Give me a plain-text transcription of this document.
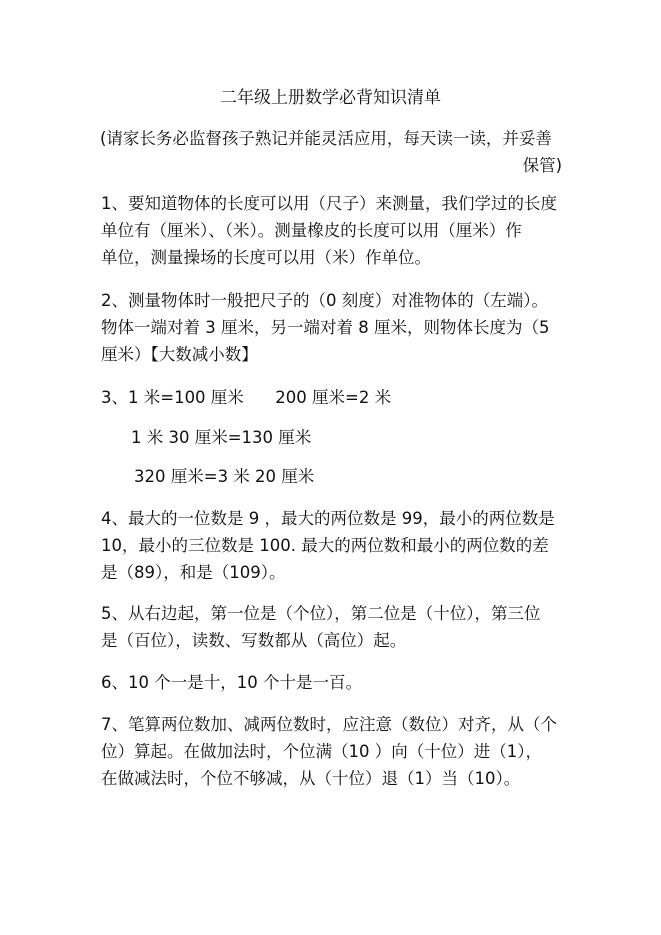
二年级上册数学必背知识清单
(请家长务必监督孩子熟记并能灵活应用，每天读一读，并妥善
保管)
1、要知道物体的长度可以用（尺子）来测量，我们学过的长度
单位有（厘米）、（米）。测量橡皮的长度可以用（厘米）作
单位，测量操场的长度可以用（米）作单位。
2、测量物体时一般把尺子的（0 刻度）对准物体的（左端）。
物体一端对着 3 厘米，另一端对着 8 厘米，则物体长度为（5
厘米）【大数减小数】
3、1 米=100 厘米      200 厘米=2 米
1 米 30 厘米=130 厘米
320 厘米=3 米 20 厘米
4、最大的一位数是 9 ，最大的两位数是 99，最小的两位数是
10，最小的三位数是 100. 最大的两位数和最小的两位数的差
是（89），和是（109）。
5、从右边起，第一位是（个位），第二位是（十位），第三位
是（百位），读数、写数都从（高位）起。
6、10 个一是十，10 个十是一百。
7、笔算两位数加、减两位数时，应注意（数位）对齐，从（个
位）算起。在做加法时，个位满（10 ）向（十位）进（1），
在做减法时，个位不够减，从（十位）退（1）当（10）。
